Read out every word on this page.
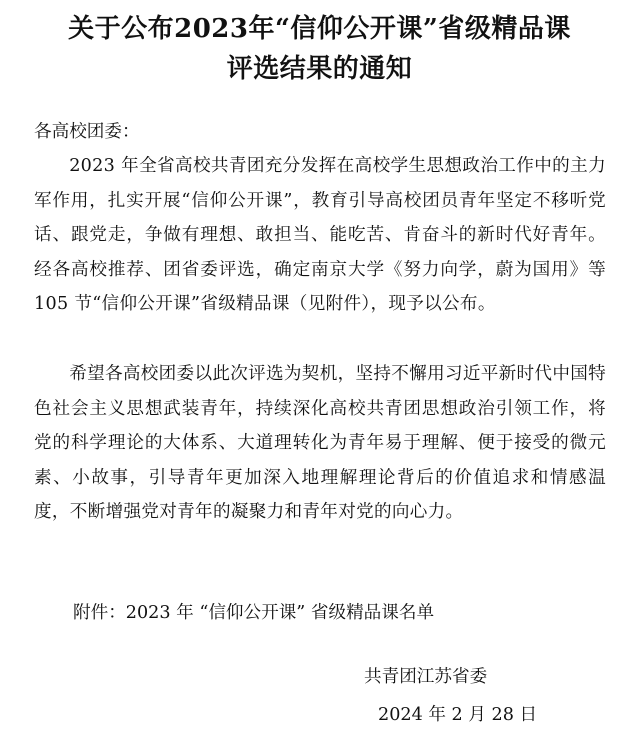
关于公布2023年“信仰公开课”省级精品课
评选结果的通知
各高校团委：

2023 年全省高校共青团充分发挥在高校学生思想政治工作中的主力军作用，扎实开展“信仰公开课”，教育引导高校团员青年坚定不移听党话、跟党走，争做有理想、敢担当、能吃苦、肯奋斗的新时代好青年。经各高校推荐、团省委评选，确定南京大学《努力向学，蔚为国用》等 105 节“信仰公开课”省级精品课（见附件），现予以公布。

希望各高校团委以此次评选为契机，坚持不懈用习近平新时代中国特色社会主义思想武装青年，持续深化高校共青团思想政治引领工作，将党的科学理论的大体系、大道理转化为青年易于理解、便于接受的微元素、小故事，引导青年更加深入地理解理论背后的价值追求和情感温度，不断增强党对青年的凝聚力和青年对党的向心力。

附件：2023 年 “信仰公开课” 省级精品课名单
共青团江苏省委
2024 年 2 月 28 日
